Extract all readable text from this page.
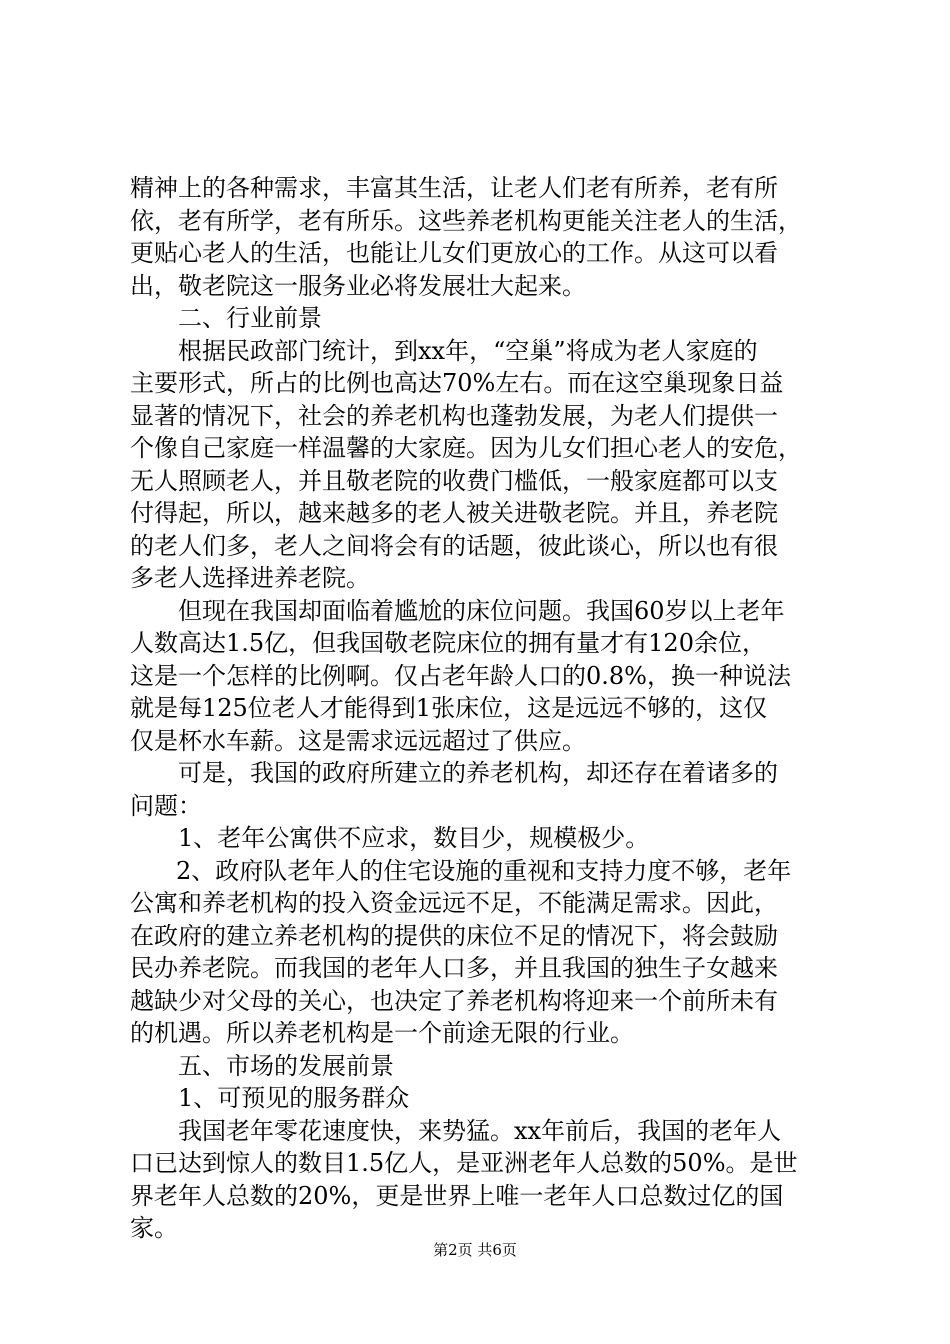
精神上的各种需求，丰富其生活，让老人们老有所养，老有所
依，老有所学，老有所乐。这些养老机构更能关注老人的生活，
更贴心老人的生活，也能让儿女们更放心的工作。从这可以看
出，敬老院这一服务业必将发展壮大起来。
二、行业前景
根据民政部门统计，到xx年，“空巢”将成为老人家庭的
主要形式，所占的比例也高达70%左右。而在这空巢现象日益
显著的情况下，社会的养老机构也蓬勃发展，为老人们提供一
个像自己家庭一样温馨的大家庭。因为儿女们担心老人的安危，
无人照顾老人，并且敬老院的收费门槛低，一般家庭都可以支
付得起，所以，越来越多的老人被关进敬老院。并且，养老院
的老人们多，老人之间将会有的话题，彼此谈心，所以也有很
多老人选择进养老院。
但现在我国却面临着尴尬的床位问题。我国60岁以上老年
人数高达1.5亿，但我国敬老院床位的拥有量才有120余位，
这是一个怎样的比例啊。仅占老年龄人口的0.8%，换一种说法
就是每125位老人才能得到1张床位，这是远远不够的，这仅
仅是杯水车薪。这是需求远远超过了供应。
可是，我国的政府所建立的养老机构，却还存在着诸多的
问题：
1、老年公寓供不应求，数目少，规模极少。
2、政府队老年人的住宅设施的重视和支持力度不够，老年
公寓和养老机构的投入资金远远不足，不能满足需求。因此，
在政府的建立养老机构的提供的床位不足的情况下，将会鼓励
民办养老院。而我国的老年人口多，并且我国的独生子女越来
越缺少对父母的关心，也决定了养老机构将迎来一个前所未有
的机遇。所以养老机构是一个前途无限的行业。
五、市场的发展前景
1、可预见的服务群众
我国老年零花速度快，来势猛。xx年前后，我国的老年人
口已达到惊人的数目1.5亿人，是亚洲老年人总数的50%。是世
界老年人总数的20%，更是世界上唯一老年人口总数过亿的国
家。
第2页 共6页
